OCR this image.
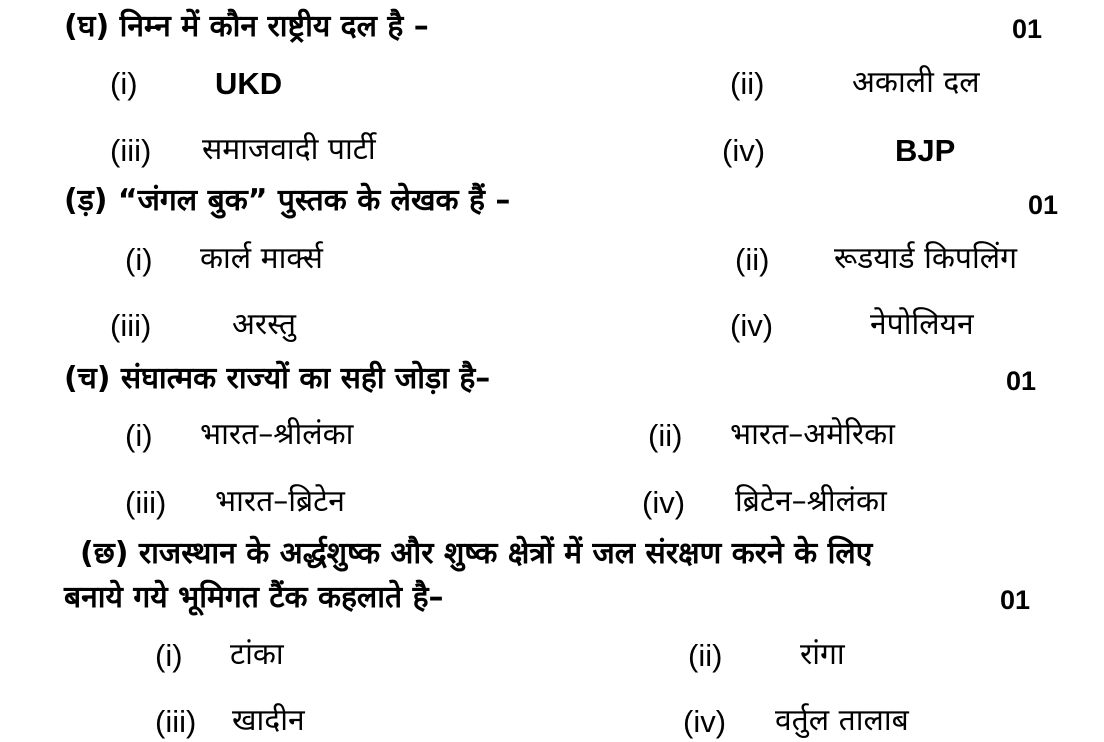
(घ) निम्न में कौन राष्ट्रीय दल है –	01
(i) UKD	(ii)	अकाली दल
(iii) समाजवादी पार्टी	(iv)	BJP
(ड़) “जंगल बुक” पुस्तक के लेखक हैं –	01
(i) कार्ल मार्क्स	(ii) रूडयार्ड किपलिंग
(iii)	अरस्तु	(iv)	नेपोलियन
(च) संघात्मक राज्यों का सही जोड़ा है–	01
(i) भारत–श्रीलंका	(ii) भारत–अमेरिका
(iii) भारत–ब्रिटेन	(iv) ब्रिटेन–श्रीलंका
(छ) राजस्थान के अर्द्धशुष्क और शुष्क क्षेत्रों में जल संरक्षण करने के लिए
बनाये गये भूमिगत टैंक कहलाते है–	01
(i) टांका	(ii)	रांगा
(iii) खादीन	(iv) वर्तुल तालाब
